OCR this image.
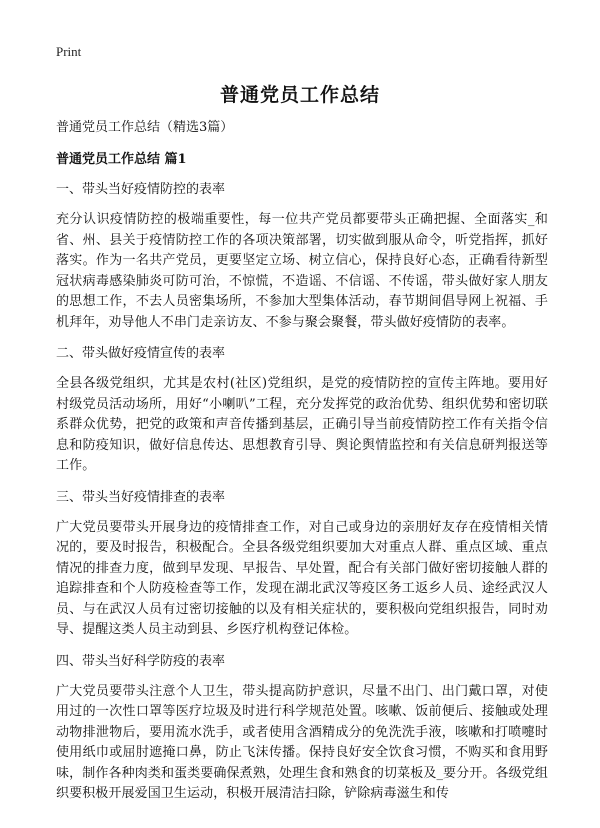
Print
普通党员工作总结

普通党员工作总结（精选3篇）

普通党员工作总结 篇1

一、带头当好疫情防控的表率

充分认识疫情防控的极端重要性，每一位共产党员都要带头正确把握、全面落实_和省、州、县关于疫情防控工作的各项决策部署，切实做到服从命令，听党指挥，抓好落实。作为一名共产党员，更要坚定立场、树立信心，保持良好心态，正确看待新型冠状病毒感染肺炎可防可治，不惊慌，不造谣、不信谣、不传谣，带头做好家人朋友的思想工作，不去人员密集场所，不参加大型集体活动，春节期间倡导网上祝福、手机拜年，劝导他人不串门走亲访友、不参与聚会聚餐，带头做好疫情防的表率。

二、带头做好疫情宣传的表率

全县各级党组织，尤其是农村(社区)党组织，是党的疫情防控的宣传主阵地。要用好村级党员活动场所，用好“小喇叭”工程，充分发挥党的政治优势、组织优势和密切联系群众优势，把党的政策和声音传播到基层，正确引导当前疫情防控工作有关指令信息和防疫知识，做好信息传达、思想教育引导、舆论舆情监控和有关信息研判报送等工作。

三、带头当好疫情排查的表率

广大党员要带头开展身边的疫情排查工作，对自己或身边的亲朋好友存在疫情相关情况的，要及时报告，积极配合。全县各级党组织要加大对重点人群、重点区域、重点情况的排查力度，做到早发现、早报告、早处置，配合有关部门做好密切接触人群的追踪排查和个人防疫检查等工作，发现在湖北武汉等疫区务工返乡人员、途经武汉人员、与在武汉人员有过密切接触的以及有相关症状的，要积极向党组织报告，同时劝导、提醒这类人员主动到县、乡医疗机构登记体检。

四、带头当好科学防疫的表率

广大党员要带头注意个人卫生，带头提高防护意识，尽量不出门、出门戴口罩，对使用过的一次性口罩等医疗垃圾及时进行科学规范处置。咳嗽、饭前便后、接触或处理动物排泄物后，要用流水洗手，或者使用含酒精成分的免洗洗手液，咳嗽和打喷嚏时使用纸巾或屈肘遮掩口鼻，防止飞沫传播。保持良好安全饮食习惯，不购买和食用野味，制作各种肉类和蛋类要确保煮熟，处理生食和熟食的切菜板及_要分开。各级党组织要积极开展爱国卫生运动，积极开展清洁扫除，铲除病毒滋生和传
